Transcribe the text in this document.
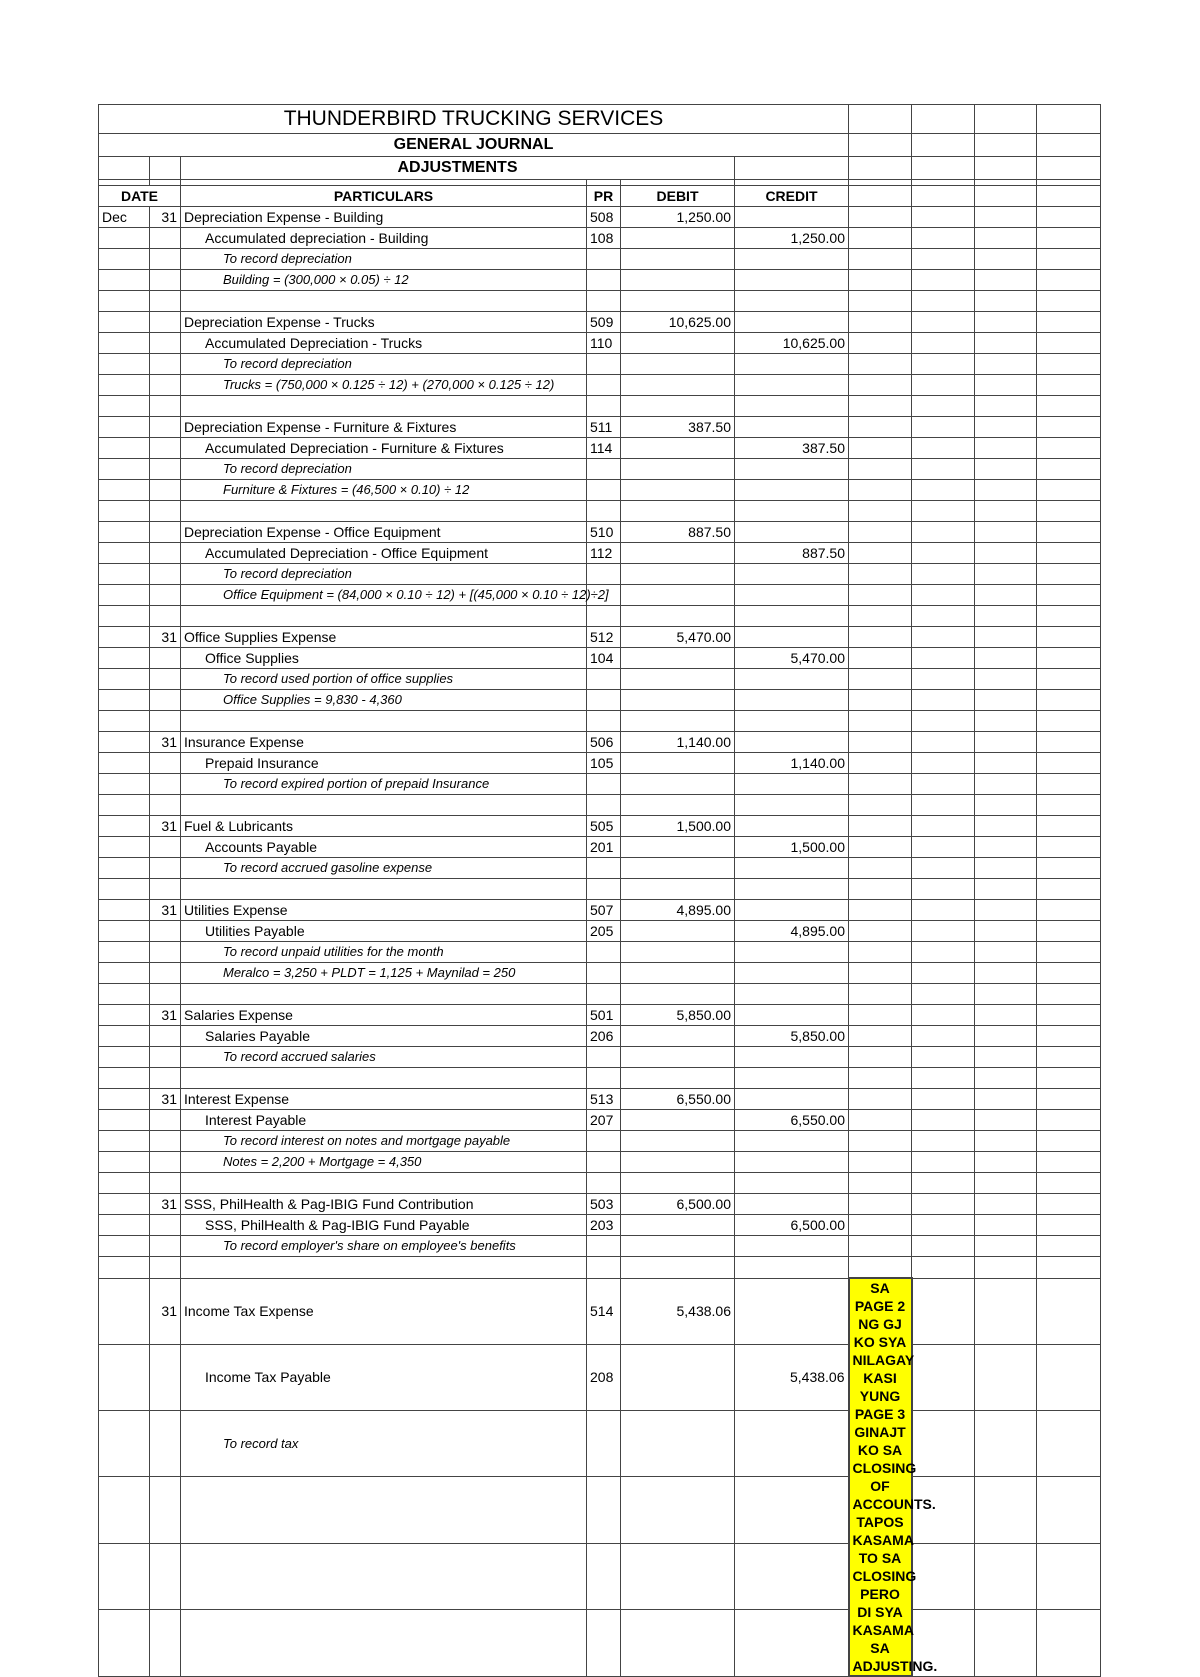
THUNDERBIRD TRUCKING SERVICES									
GENERAL JOURNAL									
		ADJUSTMENTS							

DATE		PARTICULARS	PR	DEBIT	CREDIT				
Dec	31	Depreciation Expense - Building	508	1,250.00					
		Accumulated depreciation - Building	108		1,250.00				
		To record depreciation							
		Building = (300,000 × 0.05) ÷ 12							

		Depreciation Expense - Trucks	509	10,625.00					
		Accumulated Depreciation - Trucks	110		10,625.00				
		To record depreciation							
		Trucks = (750,000 × 0.125 ÷ 12) + (270,000 × 0.125 ÷ 12)							

		Depreciation Expense - Furniture & Fixtures	511	387.50					
		Accumulated Depreciation - Furniture & Fixtures	114		387.50				
		To record depreciation							
		Furniture & Fixtures = (46,500 × 0.10) ÷ 12							

		Depreciation Expense - Office Equipment	510	887.50					
		Accumulated Depreciation - Office Equipment	112		887.50				
		To record depreciation							
		Office Equipment = (84,000 × 0.10 ÷ 12) + [(45,000 × 0.10 ÷ 12)÷2]							

	31	Office Supplies Expense	512	5,470.00					
		Office Supplies	104		5,470.00				
		To record used portion of office supplies							
		Office Supplies = 9,830 - 4,360							

	31	Insurance Expense	506	1,140.00					
		Prepaid Insurance	105		1,140.00				
		To record expired portion of prepaid Insurance							

	31	Fuel & Lubricants	505	1,500.00					
		Accounts Payable	201		1,500.00				
		To record accrued gasoline expense							

	31	Utilities Expense	507	4,895.00					
		Utilities Payable	205		4,895.00				
		To record unpaid utilities for the month							
		Meralco = 3,250 + PLDT = 1,125 + Maynilad = 250							

	31	Salaries Expense	501	5,850.00					
		Salaries Payable	206		5,850.00				
		To record accrued salaries							

	31	Interest Expense	513	6,550.00					
		Interest Payable	207		6,550.00				
		To record interest on notes and mortgage payable							
		Notes = 2,200 + Mortgage = 4,350							

	31	SSS, PhilHealth & Pag-IBIG Fund Contribution	503	6,500.00					
		SSS, PhilHealth & Pag-IBIG Fund Payable	203		6,500.00				
		To record employer's share on employee's benefits							

	31	Income Tax Expense	514	5,438.06		SA PAGE 2 NG GJ KO SYA NILAGAY KASI YUNG PAGE 3 GINAJT KO SA CLOSING OF ACCOUNTS. TAPOS KASAMA TO SA CLOSING PERO DI SYA KASAMA SA ADJUSTING.			
		Income Tax Payable	208		5,438.06				
		To record tax							
